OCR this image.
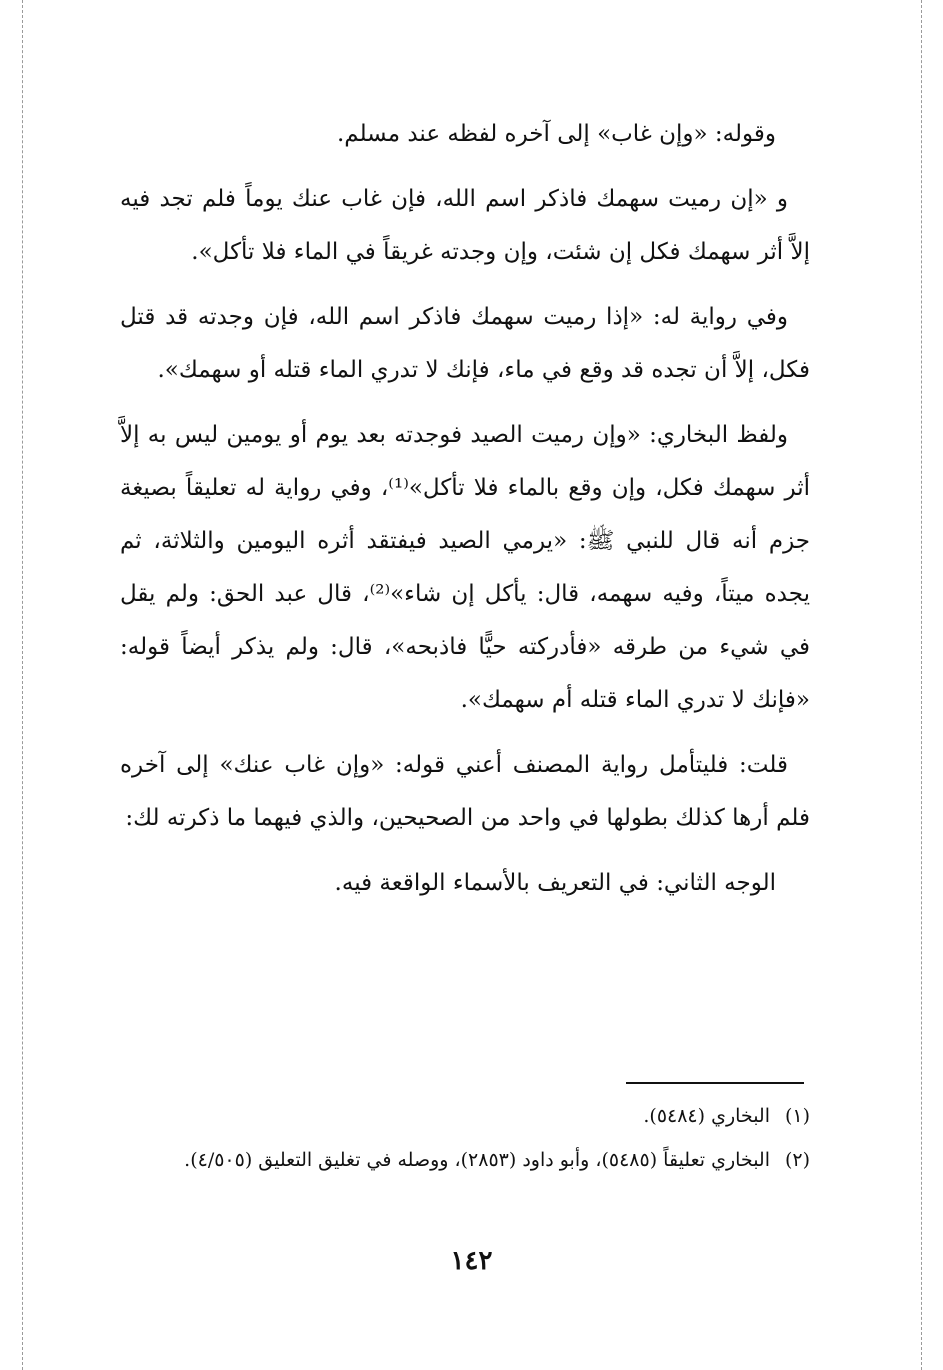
وقوله: «وإن غاب» إلى آخره لفظه عند مسلم.

و «إن رميت سهمك فاذكر اسم الله، فإن غاب عنك يوماً فلم تجد فيه إلاَّ أثر سهمك فكل إن شئت، وإن وجدته غريقاً في الماء فلا تأكل».

وفي رواية له: «إذا رميت سهمك فاذكر اسم الله، فإن وجدته قد قتل فكل، إلاَّ أن تجده قد وقع في ماء، فإنك لا تدري الماء قتله أو سهمك».

ولفظ البخاري: «وإن رميت الصيد فوجدته بعد يوم أو يومين ليس به إلاَّ أثر سهمك فكل، وإن وقع بالماء فلا تأكل»⁽¹⁾، وفي رواية له تعليقاً بصيغة جزم أنه قال للنبي ﷺ: «يرمي الصيد فيفتقد أثره اليومين والثلاثة، ثم يجده ميتاً، وفيه سهمه، قال: يأكل إن شاء»⁽²⁾، قال عبد الحق: ولم يقل في شيء من طرقه «فأدركته حيًّا فاذبحه»، قال: ولم يذكر أيضاً قوله: «فإنك لا تدري الماء قتله أم سهمك».

قلت: فليتأمل رواية المصنف أعني قوله: «وإن غاب عنك» إلى آخره فلم أرها كذلك بطولها في واحد من الصحيحين، والذي فيهما ما ذكرته لك:

الوجه الثاني: في التعريف بالأسماء الواقعة فيه.

(١)
البخاري (٥٤٨٤).

(٢)
البخاري تعليقاً (٥٤٨٥)، وأبو داود (٢٨٥٣)، ووصله في تغليق التعليق (٤/٥٠٥).

١٤٢
